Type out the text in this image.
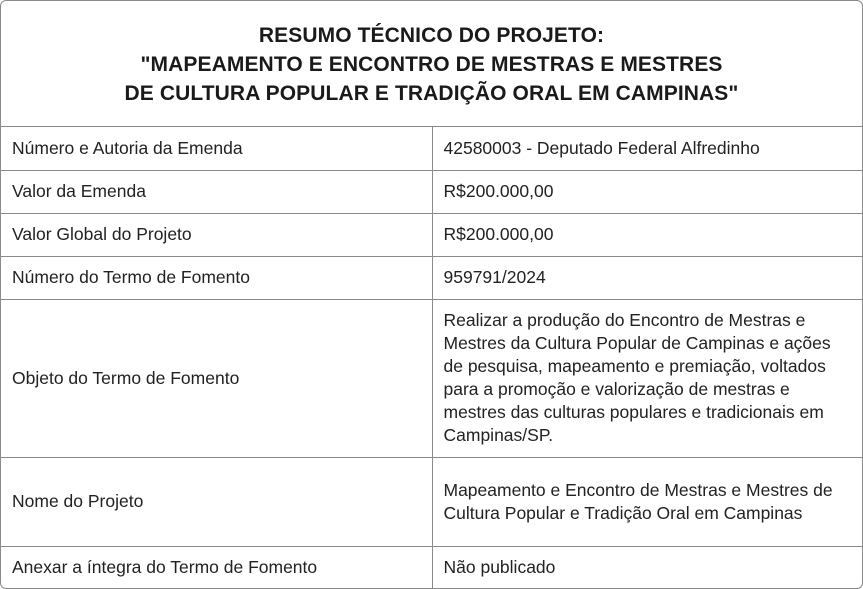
RESUMO TÉCNICO DO PROJETO:
"MAPEAMENTO E ENCONTRO DE MESTRAS E MESTRES
DE CULTURA POPULAR E TRADIÇÃO ORAL EM CAMPINAS"
Número e Autoria da Emenda	42580003 - Deputado Federal Alfredinho
Valor da Emenda	R$200.000,00
Valor Global do Projeto	R$200.000,00
Número do Termo de Fomento	959791/2024
Objeto do Termo de Fomento	Realizar a produção do Encontro de Mestras e Mestres da Cultura Popular de Campinas e ações de pesquisa, mapeamento e premiação, voltados para a promoção e valorização de mestras e mestres das culturas populares e tradicionais em Campinas/SP.
Nome do Projeto	Mapeamento e Encontro de Mestras e Mestres de Cultura Popular e Tradição Oral em Campinas
Anexar a íntegra do Termo de Fomento	Não publicado
